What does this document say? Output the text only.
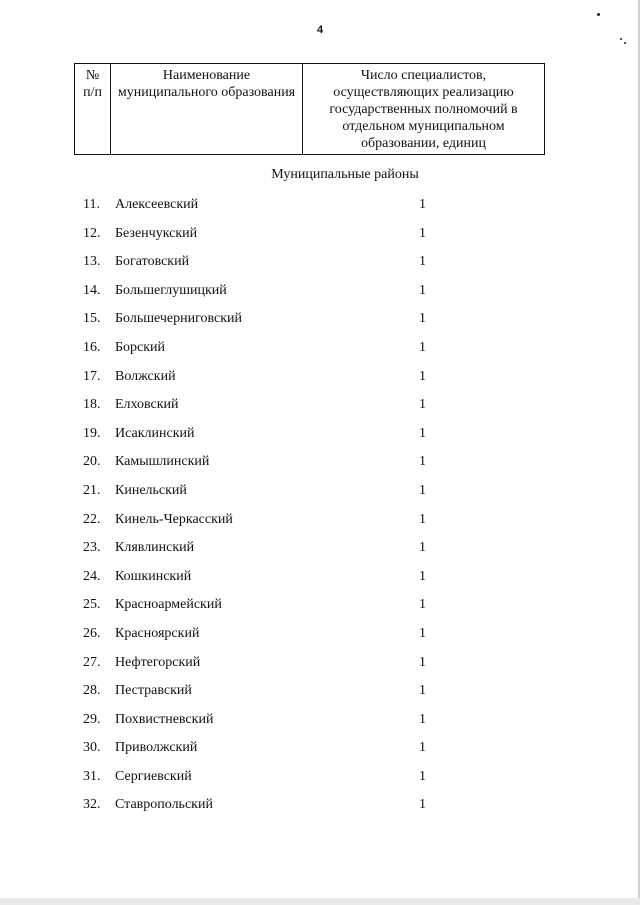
4
№ п/п	Наименование муниципального образования	Число специалистов, осуществляющих реализацию государственных полномочий в отдельном муниципальном образовании, единиц
Муниципальные районы
11. Алексеевский	1
12. Безенчукский	1
13. Богатовский	1
14. Большеглушицкий	1
15. Большечерниговский	1
16. Борский	1
17. Волжский	1
18. Елховский	1
19. Исаклинский	1
20. Камышлинский	1
21. Кинельский	1
22. Кинель-Черкасский	1
23. Клявлинский	1
24. Кошкинский	1
25. Красноармейский	1
26. Красноярский	1
27. Нефтегорский	1
28. Пестравский	1
29. Похвистневский	1
30. Приволжский	1
31. Сергиевский	1
32. Ставропольский	1
